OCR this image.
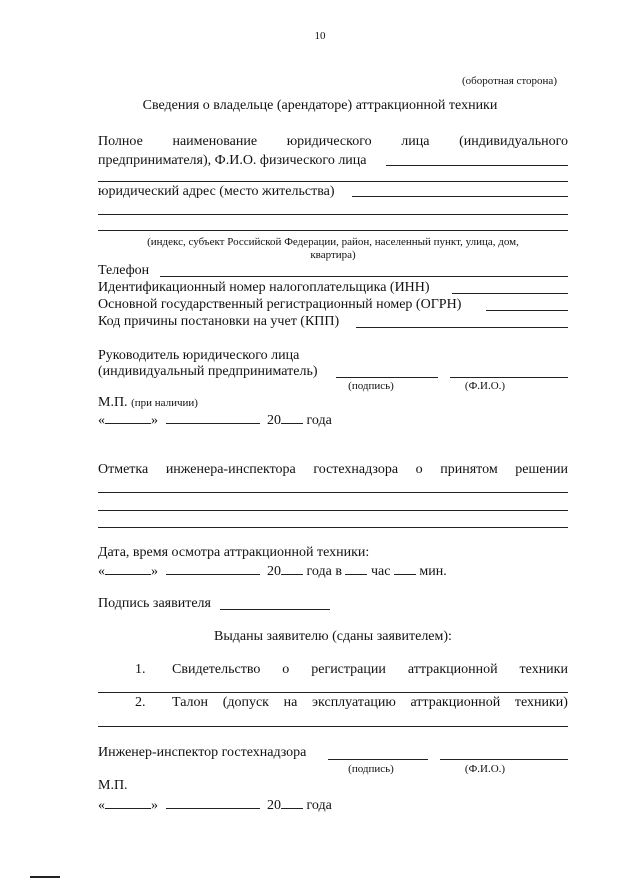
10
(оборотная сторона)
Сведения о владельце (арендаторе) аттракционной техники
Полное наименование юридического лица (индивидуального
предпринимателя), Ф.И.О. физического лица
юридический адрес (место жительства)
(индекс, субъект Российской Федерации, район, населенный пункт, улица, дом,
квартира)
Телефон
Идентификационный номер налогоплательщика (ИНН)
Основной государственный регистрационный номер (ОГРН)
Код причины постановки на учет (КПП)
Руководитель юридического лица
(индивидуальный предприниматель)
(подпись)	(Ф.И.О.)
М.П. (при наличии)
«	»	20 года
Отметка инженера-инспектора гостехнадзора о принятом решении
Дата, время осмотра аттракционной техники:
«	»	20 года в час мин.
Подпись заявителя
Выданы заявителю (сданы заявителем):
1. Свидетельство о регистрации аттракционной техники
2. Талон (допуск на эксплуатацию аттракционной техники)
Инженер-инспектор гостехнадзора
(подпись)	(Ф.И.О.)
М.П.
«	»	20 года
